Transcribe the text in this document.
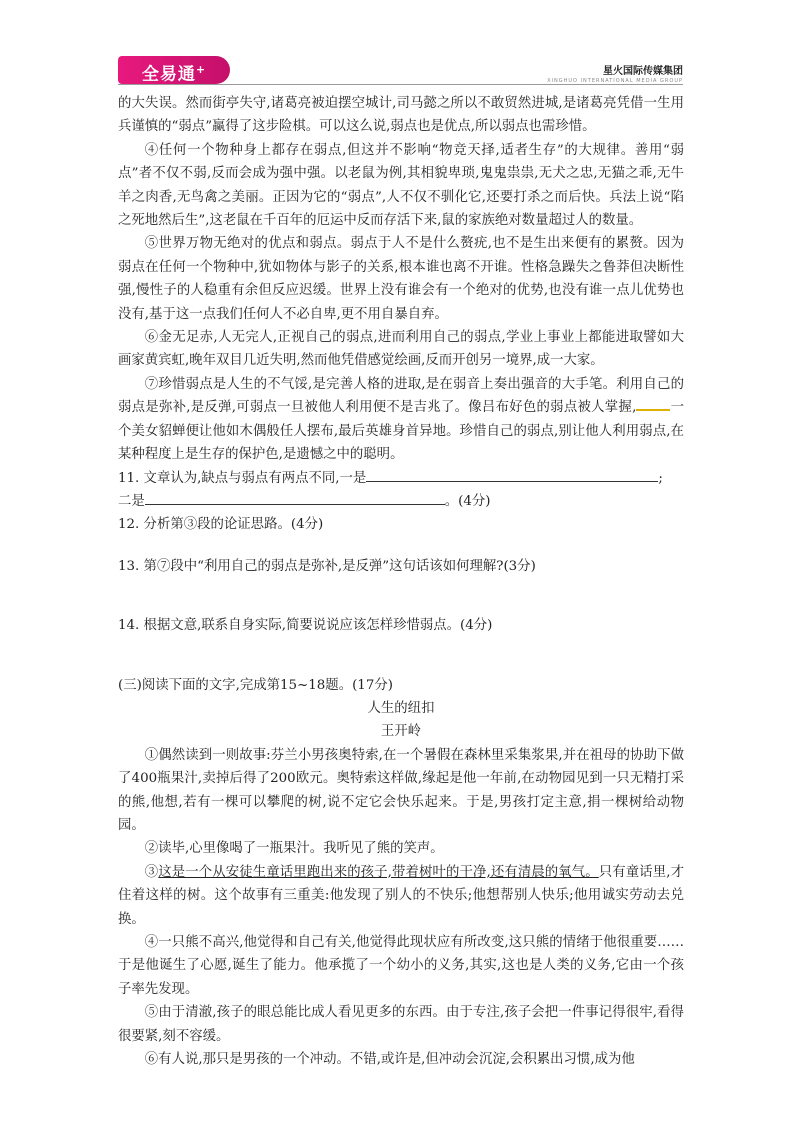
全易通+	星火国际传媒集团
XINGHUO INTERNATIONAL MEDIA GROUP

的大失误。然而街亭失守,诸葛亮被迫摆空城计,司马懿之所以不敢贸然进城,是诸葛亮凭借一生用兵谨慎的“弱点”赢得了这步险棋。可以这么说,弱点也是优点,所以弱点也需珍惜。

④任何一个物种身上都存在弱点,但这并不影响“物竞天择,适者生存”的大规律。善用“弱点”者不仅不弱,反而会成为强中强。以老鼠为例,其相貌卑琐,鬼鬼祟祟,无犬之忠,无猫之乖,无牛羊之肉香,无鸟禽之美丽。正因为它的“弱点”,人不仅不驯化它,还要打杀之而后快。兵法上说“陷之死地然后生”,这老鼠在千百年的厄运中反而存活下来,鼠的家族绝对数量超过人的数量。

⑤世界万物无绝对的优点和弱点。弱点于人不是什么赘疣,也不是生出来便有的累赘。因为弱点在任何一个物种中,犹如物体与影子的关系,根本谁也离不开谁。性格急躁失之鲁莽但决断性强,慢性子的人稳重有余但反应迟缓。世界上没有谁会有一个绝对的优势,也没有谁一点儿优势也没有,基于这一点我们任何人不必自卑,更不用自暴自弃。

⑥金无足赤,人无完人,正视自己的弱点,进而利用自己的弱点,学业上事业上都能进取譬如大画家黄宾虹,晚年双目几近失明,然而他凭借感觉绘画,反而开创另一境界,成一大家。

⑦珍惜弱点是人生的不气馁,是完善人格的进取,是在弱音上奏出强音的大手笔。利用自己的弱点是弥补,是反弹,可弱点一旦被他人利用便不是吉兆了。像吕布好色的弱点被人掌握,	一个美女貂蝉便让他如木偶般任人摆布,最后英雄身首异地。珍惜自己的弱点,别让他人利用弱点,在某种程度上是生存的保护色,是遗憾之中的聪明。

11. 文章认为,缺点与弱点有两点不同,一是	;

二是	。(4分)

12. 分析第③段的论证思路。(4分)

13. 第⑦段中“利用自己的弱点是弥补,是反弹”这句话该如何理解?(3分)

14. 根据文意,联系自身实际,简要说说应该怎样珍惜弱点。(4分)

(三)阅读下面的文字,完成第15~18题。(17分)

人生的纽扣

王开岭

①偶然读到一则故事:芬兰小男孩奥特索,在一个暑假在森林里采集浆果,并在祖母的协助下做了400瓶果汁,卖掉后得了200欧元。奥特索这样做,缘起是他一年前,在动物园见到一只无精打采的熊,他想,若有一棵可以攀爬的树,说不定它会快乐起来。于是,男孩打定主意,捐一棵树给动物园。

②读毕,心里像喝了一瓶果汁。我听见了熊的笑声。

③这是一个从安徒生童话里跑出来的孩子,带着树叶的干净,还有清晨的氧气。只有童话里,才住着这样的树。这个故事有三重美:他发现了别人的不快乐;他想帮别人快乐;他用诚实劳动去兑换。

④一只熊不高兴,他觉得和自己有关,他觉得此现状应有所改变,这只熊的情绪于他很重要……于是他诞生了心愿,诞生了能力。他承揽了一个幼小的义务,其实,这也是人类的义务,它由一个孩子率先发现。

⑤由于清澈,孩子的眼总能比成人看见更多的东西。由于专注,孩子会把一件事记得很牢,看得很要紧,刻不容缓。

⑥有人说,那只是男孩的一个冲动。不错,或许是,但冲动会沉淀,会积累出习惯,成为他
